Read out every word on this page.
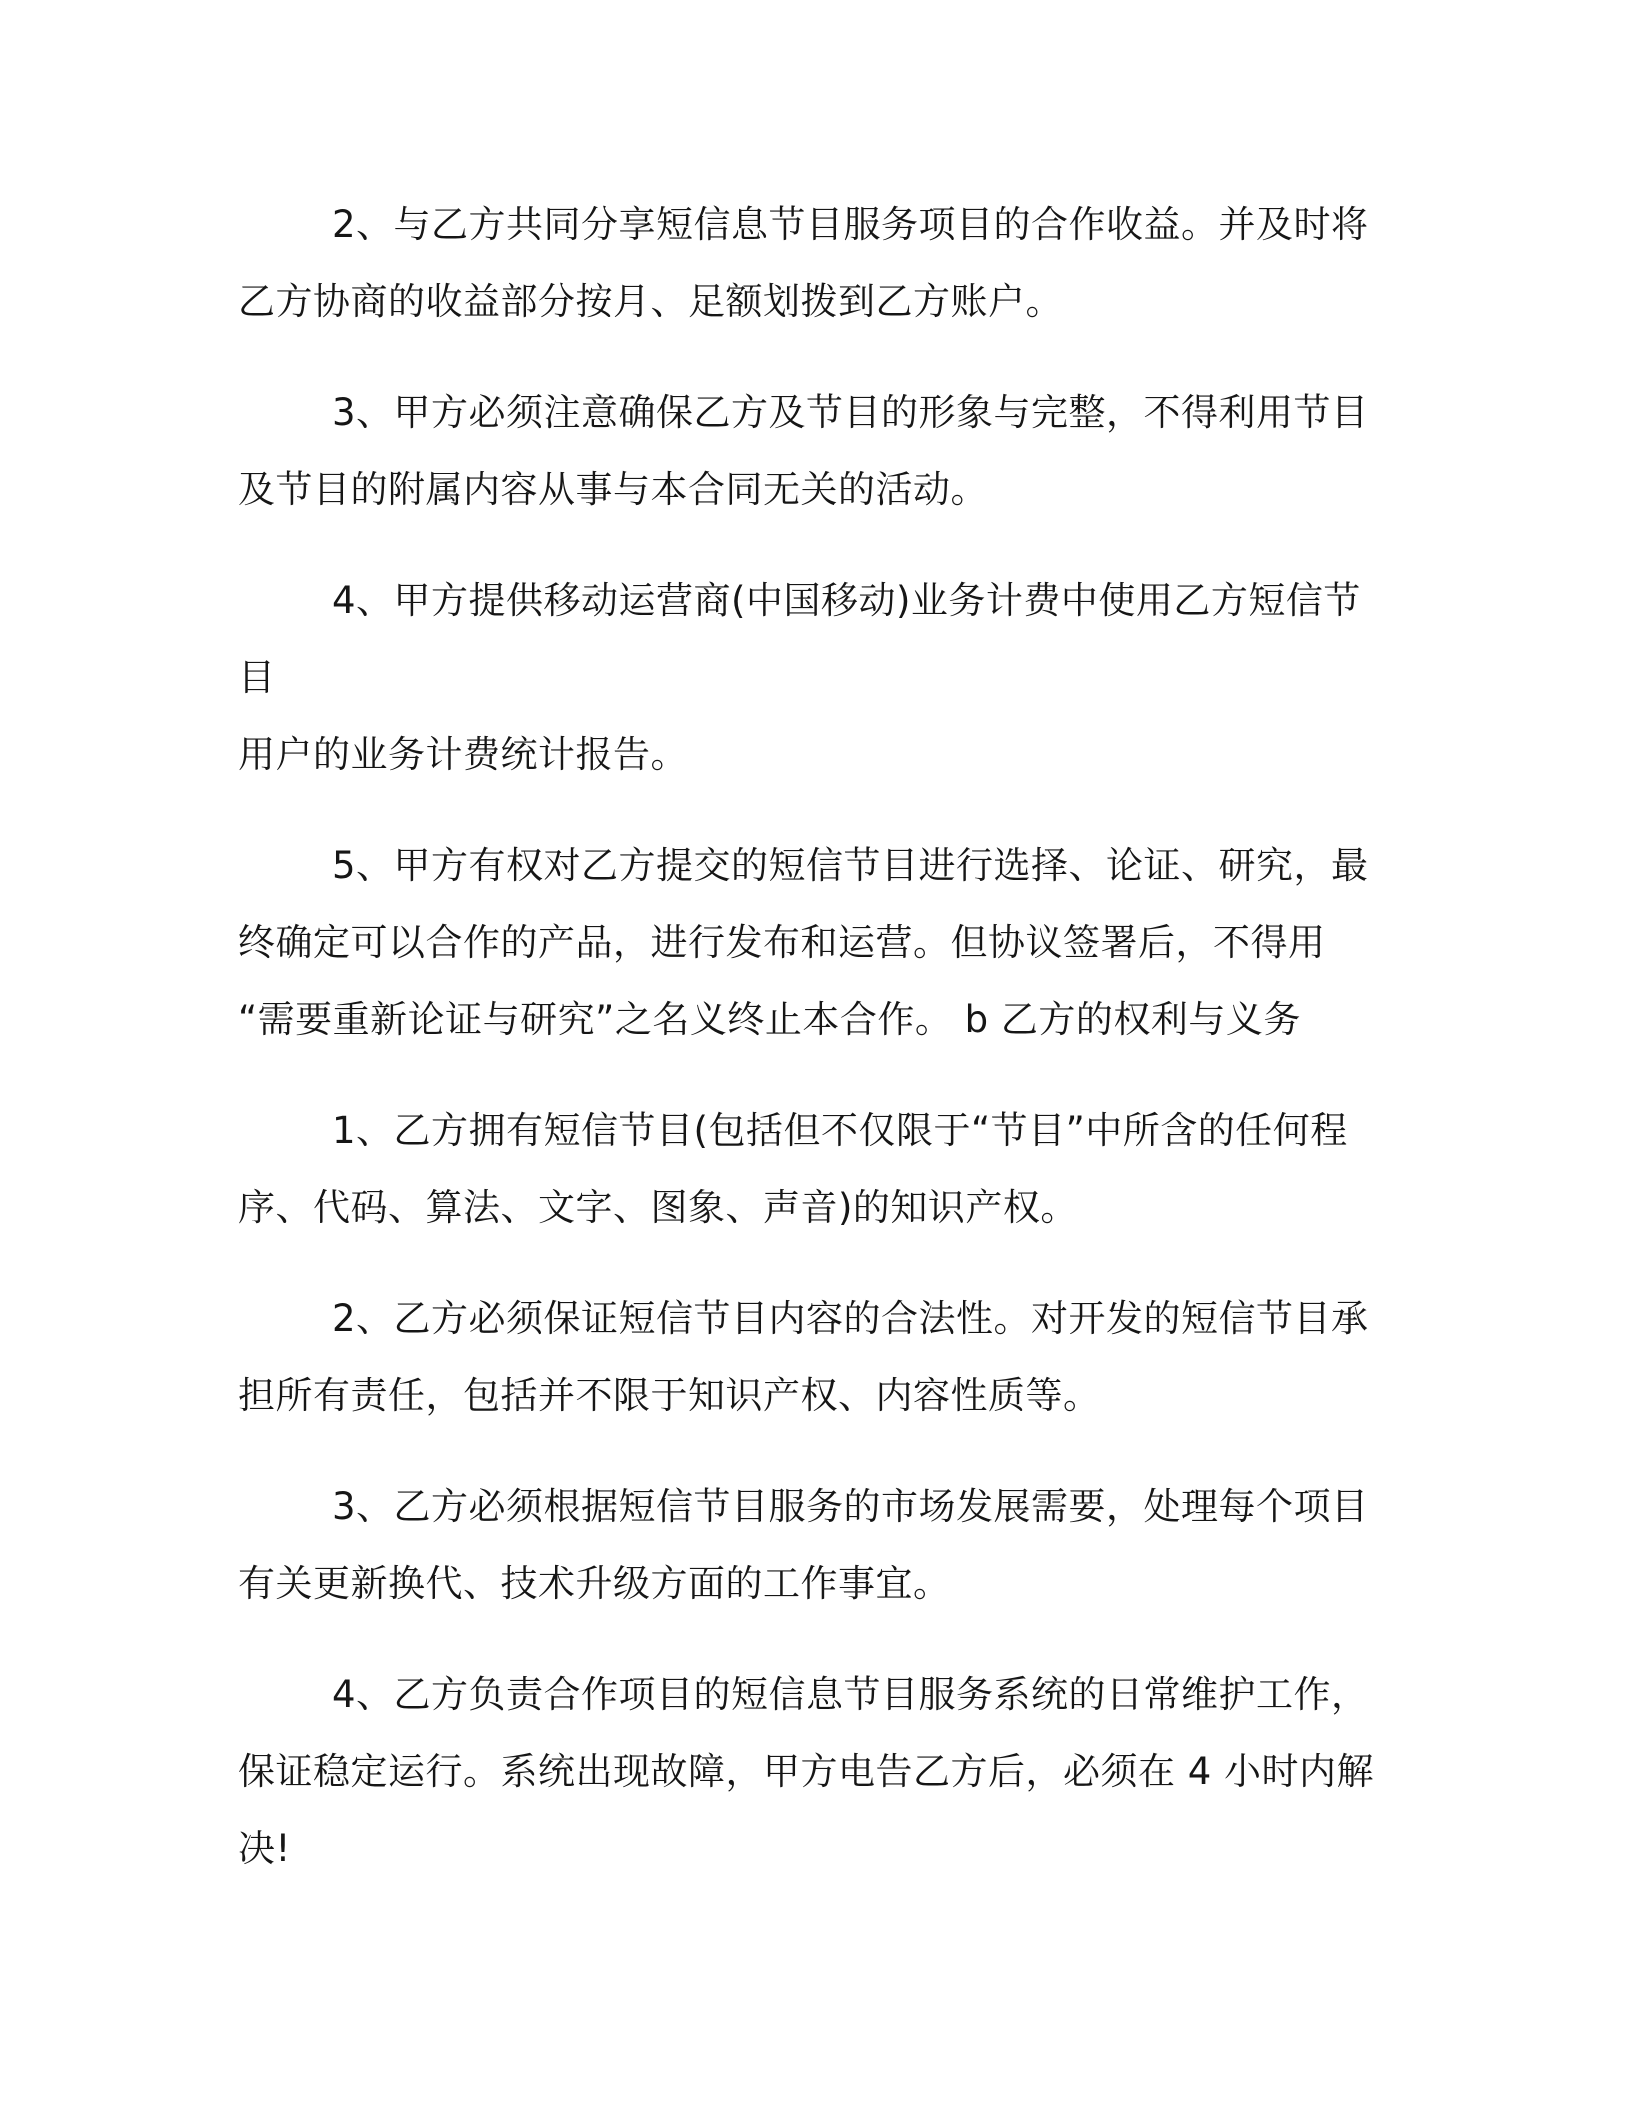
2、与乙方共同分享短信息节目服务项目的合作收益。并及时将
乙方协商的收益部分按月、足额划拨到乙方账户。

3、甲方必须注意确保乙方及节目的形象与完整，不得利用节目
及节目的附属内容从事与本合同无关的活动。

4、甲方提供移动运营商(中国移动)业务计费中使用乙方短信节目
用户的业务计费统计报告。

5、甲方有权对乙方提交的短信节目进行选择、论证、研究，最
终确定可以合作的产品，进行发布和运营。但协议签署后，不得用
“需要重新论证与研究”之名义终止本合作。 b 乙方的权利与义务

1、乙方拥有短信节目(包括但不仅限于“节目”中所含的任何程
序、代码、算法、文字、图象、声音)的知识产权。

2、乙方必须保证短信节目内容的合法性。对开发的短信节目承
担所有责任，包括并不限于知识产权、内容性质等。

3、乙方必须根据短信节目服务的市场发展需要，处理每个项目
有关更新换代、技术升级方面的工作事宜。

4、乙方负责合作项目的短信息节目服务系统的日常维护工作，
保证稳定运行。系统出现故障，甲方电告乙方后，必须在 4 小时内解
决!
